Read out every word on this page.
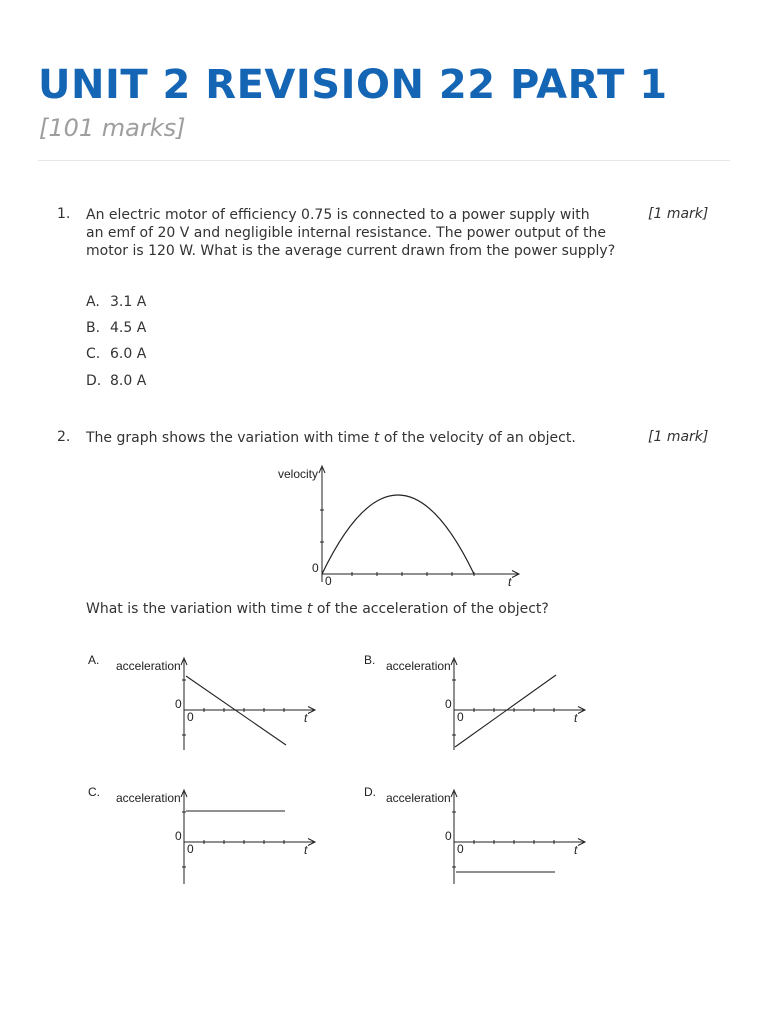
UNIT 2 REVISION 22 PART 1
[101 marks]
1. An electric motor of efficiency 0.75 is connected to a power supply with
an emf of 20 V and negligible internal resistance. The power output of the
motor is 120 W. What is the average current drawn from the power supply?
[1 mark]
A. 3.1 A
B. 4.5 A
C. 6.0 A
D. 8.0 A
2. The graph shows the variation with time t of the velocity of an object.	[1 mark]
velocity
0
0	t
What is the variation with time t of the acceleration of the object?
A. acceleration
0
0	t
B. acceleration
0
0	t
C. acceleration
0
0	t
D. acceleration
0
0	t
